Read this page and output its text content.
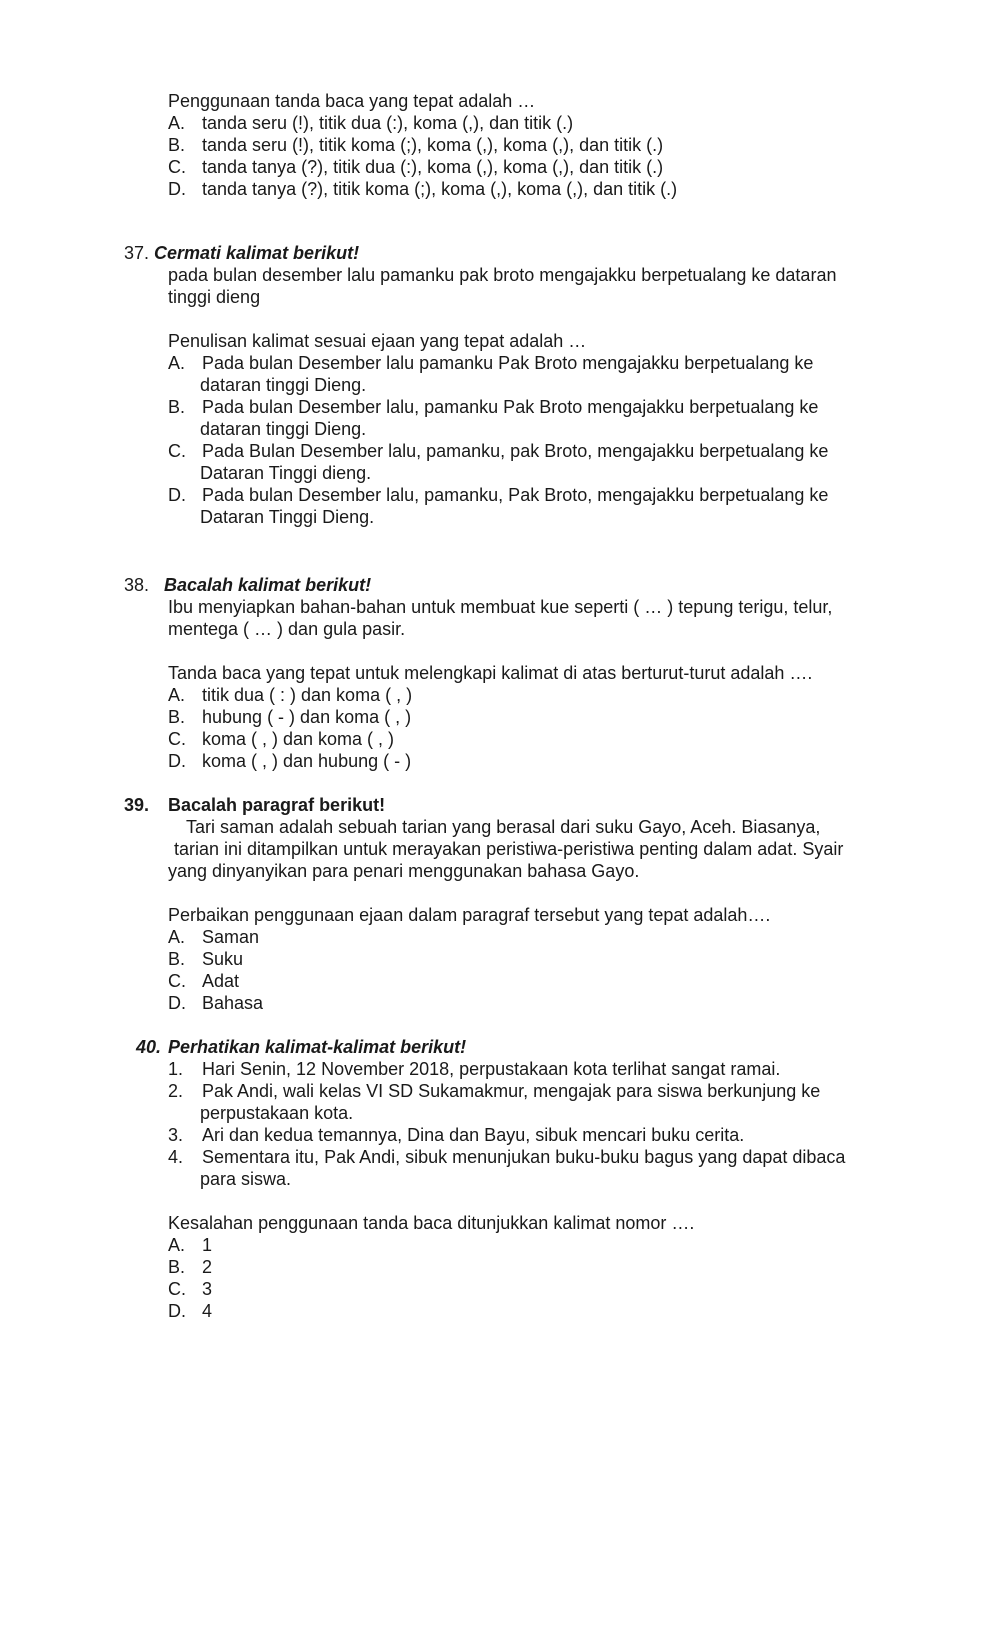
Penggunaan tanda baca yang tepat adalah …
A. tanda seru (!), titik dua (:), koma (,), dan titik (.)
B. tanda seru (!), titik koma (;), koma (,), koma (,), dan titik (.)
C. tanda tanya (?), titik dua (:), koma (,), koma (,), dan titik (.)
D. tanda tanya (?), titik koma (;), koma (,), koma (,), dan titik (.)
37. Cermati kalimat berikut!
pada bulan desember lalu pamanku pak broto mengajakku berpetualang ke dataran
tinggi dieng
Penulisan kalimat sesuai ejaan yang tepat adalah …
A. Pada bulan Desember lalu pamanku Pak Broto mengajakku berpetualang ke
dataran tinggi Dieng.
B. Pada bulan Desember lalu, pamanku Pak Broto mengajakku berpetualang ke
dataran tinggi Dieng.
C. Pada Bulan Desember lalu, pamanku, pak Broto, mengajakku berpetualang ke
Dataran Tinggi dieng.
D. Pada bulan Desember lalu, pamanku, Pak Broto, mengajakku berpetualang ke
Dataran Tinggi Dieng.
38. Bacalah kalimat berikut!
Ibu menyiapkan bahan-bahan untuk membuat kue seperti ( … ) tepung terigu, telur,
mentega ( … ) dan gula pasir.
Tanda baca yang tepat untuk melengkapi kalimat di atas berturut-turut adalah ….
A. titik dua ( : ) dan koma ( , )
B. hubung ( - ) dan koma ( , )
C. koma ( , ) dan koma ( , )
D. koma ( , ) dan hubung ( - )
39. Bacalah paragraf berikut!
Tari saman adalah sebuah tarian yang berasal dari suku Gayo, Aceh. Biasanya,
tarian ini ditampilkan untuk merayakan peristiwa-peristiwa penting dalam adat. Syair
yang dinyanyikan para penari menggunakan bahasa Gayo.
Perbaikan penggunaan ejaan dalam paragraf tersebut yang tepat adalah….
A. Saman
B. Suku
C. Adat
D. Bahasa
40. Perhatikan kalimat-kalimat berikut!
1. Hari Senin, 12 November 2018, perpustakaan kota terlihat sangat ramai.
2. Pak Andi, wali kelas VI SD Sukamakmur, mengajak para siswa berkunjung ke
perpustakaan kota.
3. Ari dan kedua temannya, Dina dan Bayu, sibuk mencari buku cerita.
4. Sementara itu, Pak Andi, sibuk menunjukan buku-buku bagus yang dapat dibaca
para siswa.
Kesalahan penggunaan tanda baca ditunjukkan kalimat nomor ….
A. 1
B. 2
C. 3
D. 4
